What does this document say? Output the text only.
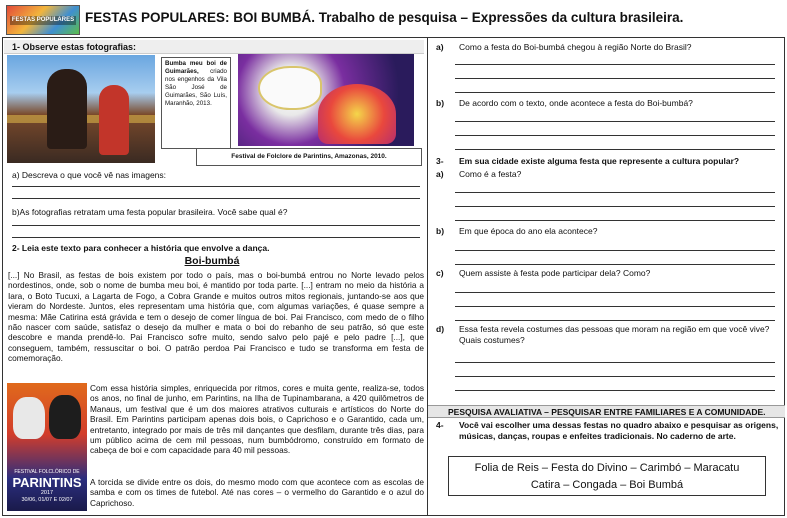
FESTAS POPULARES FESTAS POPULARES: BOI BUMBÁ. Trabalho de pesquisa – Expressões da cultura brasileira.
1- Observe estas fotografias:
Bumba meu boi de Guimarães, criado nos engenhos da Vila São José de Guimarães, São Luís, Maranhão, 2013.
Festival de Folclore de Parintins, Amazonas, 2010.
a) Descreva o que você vê nas imagens:
b)As fotografias retratam uma festa popular brasileira. Você sabe qual é?
2- Leia este texto para conhecer a história que envolve a dança.
Boi-bumbá
[...] No Brasil, as festas de bois existem por todo o país, mas o boi-bumbá entrou no Norte levado pelos nordestinos, onde, sob o nome de bumba meu boi, é mantido por toda parte. [...] entram no meio da história a Iara, o Boto Tucuxi, a Lagarta de Fogo, a Cobra Grande e muitos outros mitos regionais, juntando-se aos que vieram do Nordeste. Juntos, eles representam uma história que, com algumas variações, é quase sempre a mesma: Mãe Catirina está grávida e tem o desejo de comer língua de boi. Pai Francisco, com medo de o filho não nascer com saúde, satisfaz o desejo da mulher e mata o boi do rebanho de seu patrão, só que este descobre e manda prendê-lo. Pai Francisco sofre muito, sendo salvo pelo pajé e pelo padre [...], que conseguem, também, ressuscitar o boi. O patrão perdoa Pai Francisco e tudo se transforma em festa de comemoração.
FESTIVAL FOLCLÓRICO DE
PARINTINS
2017
30/06, 01/07 E 02/07
Com essa história simples, enriquecida por ritmos, cores e muita gente, realiza-se, todos os anos, no final de junho, em Parintins, na Ilha de Tupinambarana, a 420 quilômetros de Manaus, um festival que é um dos maiores atrativos culturais e artísticos do Norte do Brasil. Em Parintins participam apenas dois bois, o Caprichoso e o Garantido, cada um, entretanto, integrado por mais de três mil dançantes que desfilam, durante três dias, para um público acima de cem mil pessoas, num bumbódromo, construído em formato de cabeça de boi e com capacidade para 40 mil pessoas.
A torcida se divide entre os dois, do mesmo modo com que acontece com as escolas de samba e com os times de futebol. Até nas cores – o vermelho do Garantido e o azul do Caprichoso.
a) Como a festa do Boi-bumbá chegou à região Norte do Brasil?
b) De acordo com o texto, onde acontece a festa do Boi-bumbá?
3- Em sua cidade existe alguma festa que represente a cultura popular?
a) Como é a festa?
b) Em que época do ano ela acontece?
c) Quem assiste à festa pode participar dela? Como?
d) Essa festa revela costumes das pessoas que moram na região em que você vive? Quais costumes?
PESQUISA AVALIATIVA – PESQUISAR ENTRE FAMILIARES E A COMUNIDADE.
4- Você vai escolher uma dessas festas no quadro abaixo e pesquisar as origens, músicas, danças, roupas e enfeites tradicionais. No caderno de arte.
Folia de Reis – Festa do Divino – Carimbó – Maracatu
Catira – Congada – Boi Bumbá
